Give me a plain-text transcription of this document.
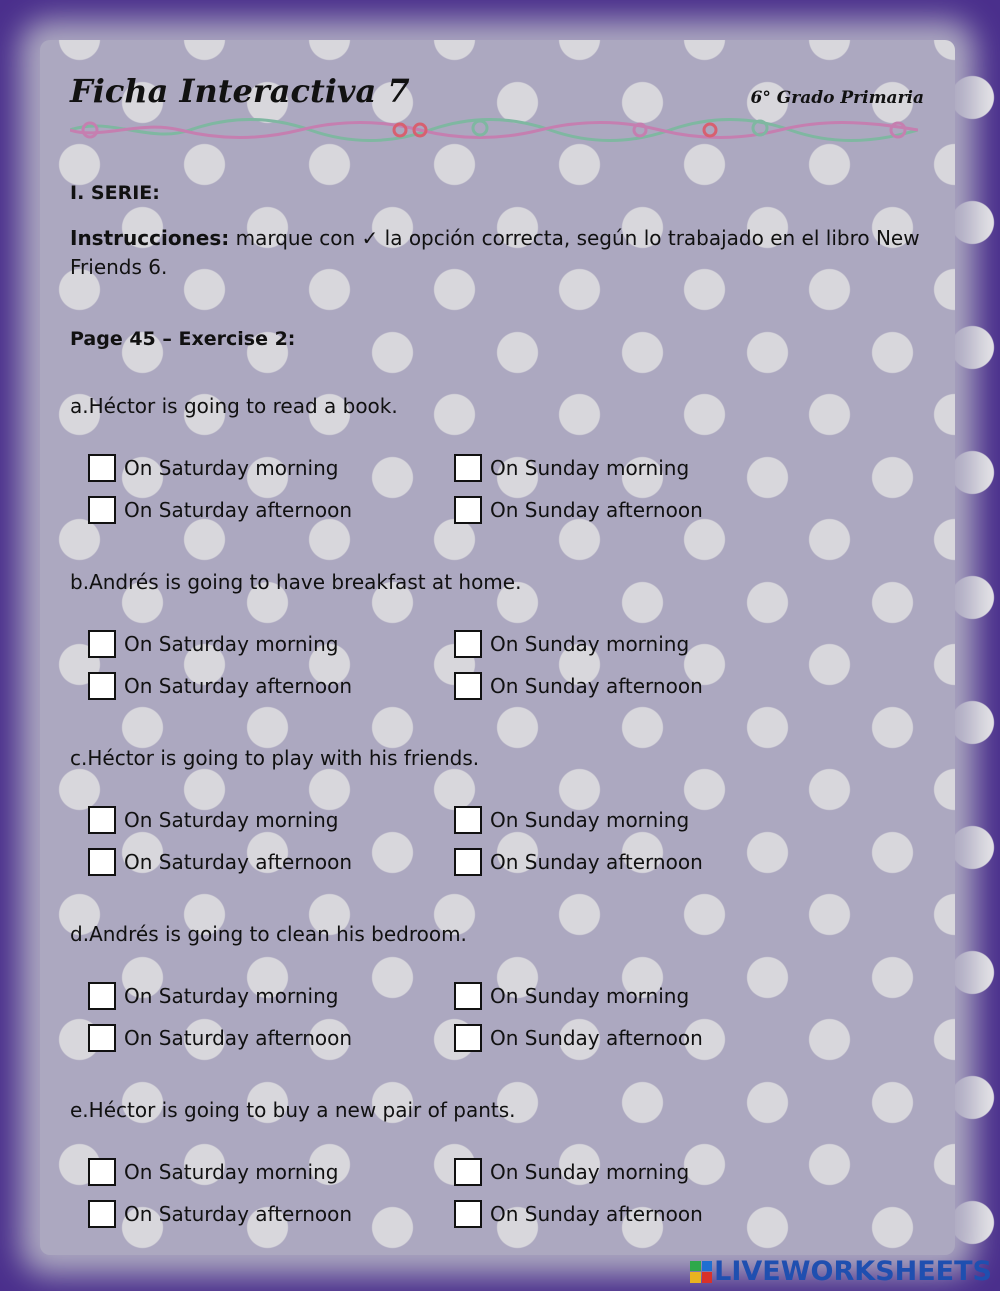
Ficha Interactiva 7	6° Grado Primaria
I. SERIE:
Instrucciones: marque con ✓ la opción correcta, según lo trabajado en el libro New Friends 6.
Page 45 – Exercise 2:
a.Héctor is going to read a book.
On Saturday morning	On Sunday morning
On Saturday afternoon	On Sunday afternoon
b.Andrés is going to have breakfast at home.
On Saturday morning	On Sunday morning
On Saturday afternoon	On Sunday afternoon
c.Héctor is going to play with his friends.
On Saturday morning	On Sunday morning
On Saturday afternoon	On Sunday afternoon
d.Andrés is going to clean his bedroom.
On Saturday morning	On Sunday morning
On Saturday afternoon	On Sunday afternoon
e.Héctor is going to buy a new pair of pants.
On Saturday morning	On Sunday morning
On Saturday afternoon	On Sunday afternoon
LIVEWORKSHEETS
